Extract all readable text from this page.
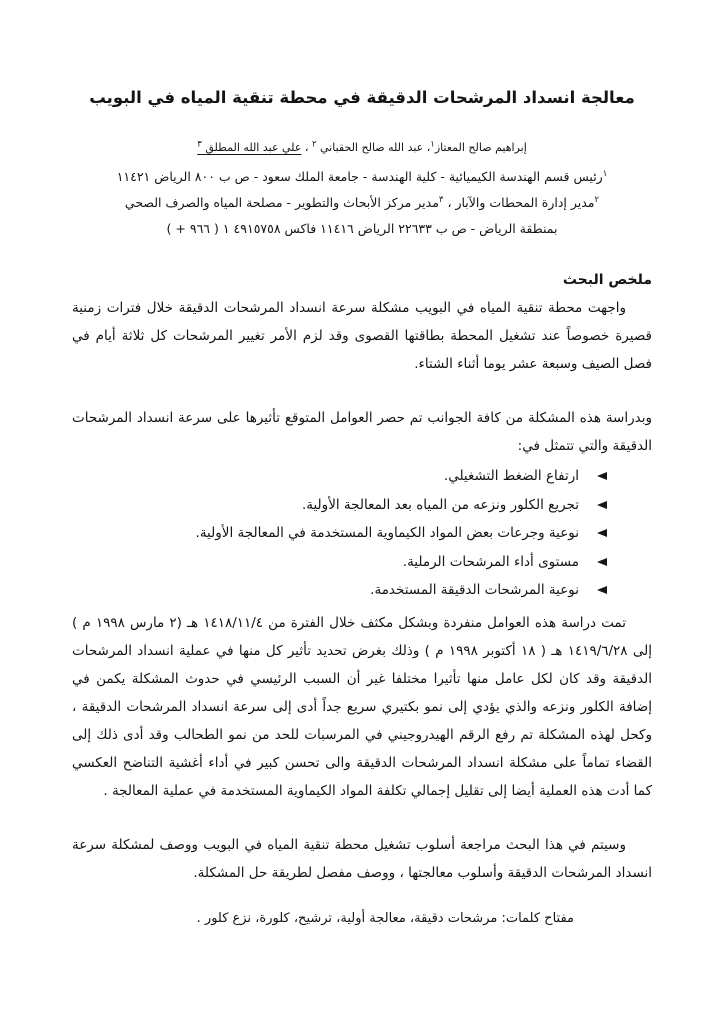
معالجة انسداد المرشحات الدقيقة في محطة تنقية المياه في البويب

إبراهيم صالح المعتاز$^١$، عبد الله صالح الحقباني $^٢$ ، علي عبد الله المطلق $^٣$

$^١$رئيس قسم الهندسة الكيميائية - كلية الهندسة - جامعة الملك سعود - ص ب ٨٠٠ الرياض ١١٤٢١

$^٢$مدير إدارة المحطات والآبار ، $^٣$مدير مركز الأبحاث والتطوير - مصلحة المياه والصرف الصحي

بمنطقة الرياض - ص ب ٢٢٦٣٣ الرياض ١١٤١٦ فاكس ٤٩١٥٧٥٨ ١ ( ٩٦٦ + )

ملخص البحث

واجهت محطة تنقية المياه في البويب مشكلة سرعة انسداد المرشحات الدقيقة خلال فترات زمنية قصيرة خصوصاً عند تشغيل المحطة بطاقتها القصوى وقد لزم الأمر تغيير المرشحات كل ثلاثة أيام في فصل الصيف وسبعة عشر يوما أثناء الشتاء.

وبدراسة هذه المشكلة من كافة الجوانب تم حصر العوامل المتوقع تأثيرها على سرعة انسداد المرشحات الدقيقة والتي تتمثل في:

ارتفاع الضغط التشغيلي.
تجريع الكلور ونزعه من المياه بعد المعالجة الأولية.
نوعية وجرعات بعض المواد الكيماوية المستخدمة في المعالجة الأولية.
مستوى أداء المرشحات الرملية.
نوعية المرشحات الدقيقة المستخدمة.

تمت دراسة هذه العوامل منفردة وبشكل مكثف خلال الفترة من ١٤١٨/١١/٤ هـ (٢ مارس ١٩٩٨ م ) إلى ١٤١٩/٦/٢٨ هـ ( ١٨ أكتوبر ١٩٩٨ م ) وذلك بغرض تحديد تأثير كل منها في عملية انسداد المرشحات الدقيقة وقد كان لكل عامل منها تأثيرا مختلفا غير أن السبب الرئيسي في حدوث المشكلة يكمن في إضافة الكلور ونزعه والذي يؤدي إلى نمو بكتيري سريع جداً أدى إلى سرعة انسداد المرشحات الدقيقة ، وكحل لهذه المشكلة تم رفع الرقم الهيدروجيني في المرسبات للحد من نمو الطحالب وقد أدى ذلك إلى القضاء تماماً على مشكلة انسداد المرشحات الدقيقة والى تحسن كبير في أداء أغشية التناضح العكسي كما أدت هذه العملية أيضا إلى تقليل إجمالي تكلفة المواد الكيماوية المستخدمة في عملية المعالجة .

وسيتم في هذا البحث مراجعة أسلوب تشغيل محطة تنقية المياه في البويب ووصف لمشكلة سرعة انسداد المرشحات الدقيقة وأسلوب معالجتها ، ووصف مفصل لطريقة حل المشكلة.

مفتاح كلمات: مرشحات دقيقة، معالجة أولية، ترشيح، كلورة، نزع كلور .
